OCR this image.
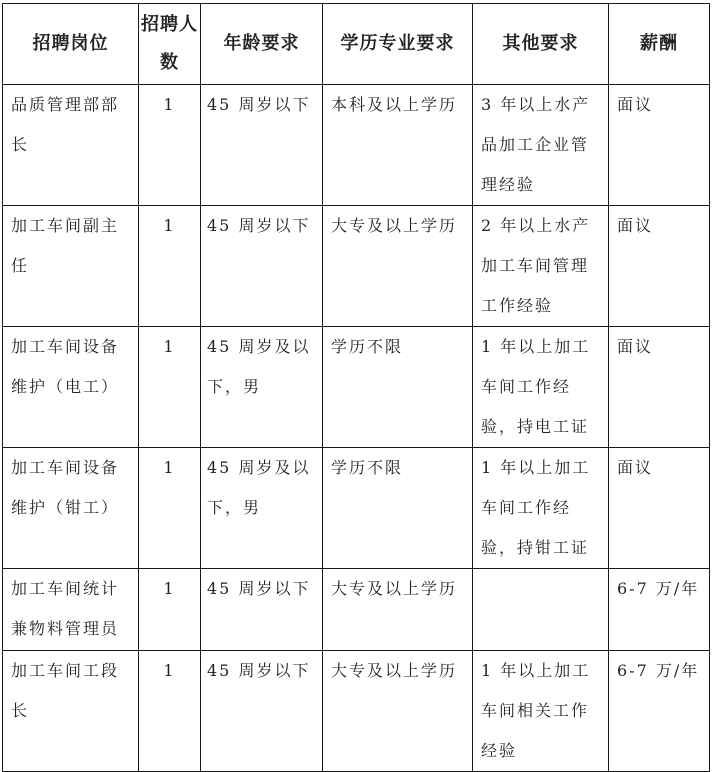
招聘岗位	招聘人数	年龄要求	学历专业要求	其他要求	薪酬

品质管理部部长	1	45 周岁以下	本科及以上学历	3 年以上水产品加工企业管理经验	面议

加工车间副主任	1	45 周岁以下	大专及以上学历	2 年以上水产加工车间管理工作经验	面议

加工车间设备维护（电工）	1	45 周岁及以下，男	学历不限	1 年以上加工车间工作经验，持电工证	面议

加工车间设备维护（钳工）	1	45 周岁及以下，男	学历不限	1 年以上加工车间工作经验，持钳工证	面议

加工车间统计兼物料管理员	1	45 周岁以下	大专及以上学历		6-7 万/年

加工车间工段长	1	45 周岁以下	大专及以上学历	1 年以上加工车间相关工作经验	6-7 万/年
